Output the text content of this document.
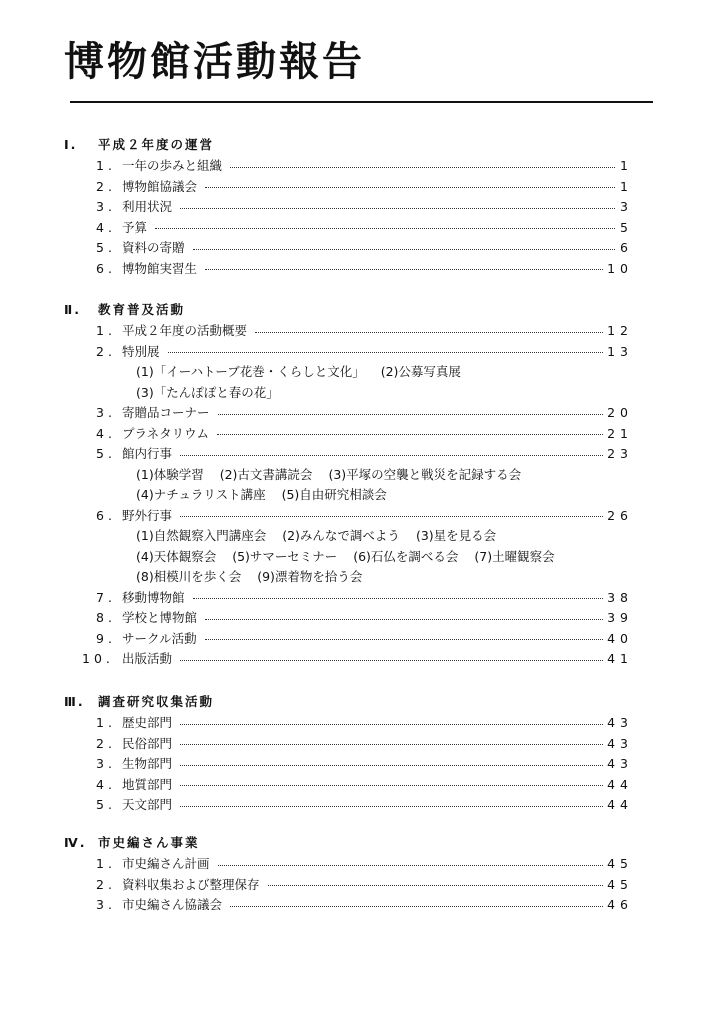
博物館活動報告
Ⅰ.	平成２年度の運営
1. 一年の歩みと組織	1
2. 博物館協議会	1
3. 利用状況	3
4. 予算	5
5. 資料の寄贈	6
6. 博物館実習生	10
Ⅱ.	教育普及活動
1. 平成２年度の活動概要	12
2. 特別展	13
(1)「イーハトーブ花巻・くらしと文化」 (2)公募写真展
(3)「たんぽぽと春の花」
3. 寄贈品コーナー	20
4. プラネタリウム	21
5. 館内行事	23
(1)体験学習 (2)古文書講読会 (3)平塚の空襲と戦災を記録する会
(4)ナチュラリスト講座 (5)自由研究相談会
6. 野外行事	26
(1)自然観察入門講座会 (2)みんなで調べよう (3)星を見る会
(4)天体観察会 (5)サマーセミナー (6)石仏を調べる会 (7)土曜観察会
(8)相模川を歩く会 (9)漂着物を拾う会
7. 移動博物館	38
8. 学校と博物館	39
9. サークル活動	40
10. 出版活動	41
Ⅲ.	調査研究収集活動
1. 歴史部門	43
2. 民俗部門	43
3. 生物部門	43
4. 地質部門	44
5. 天文部門	44
Ⅳ. 市史編さん事業
1. 市史編さん計画	45
2. 資料収集および整理保存	45
3. 市史編さん協議会	46
